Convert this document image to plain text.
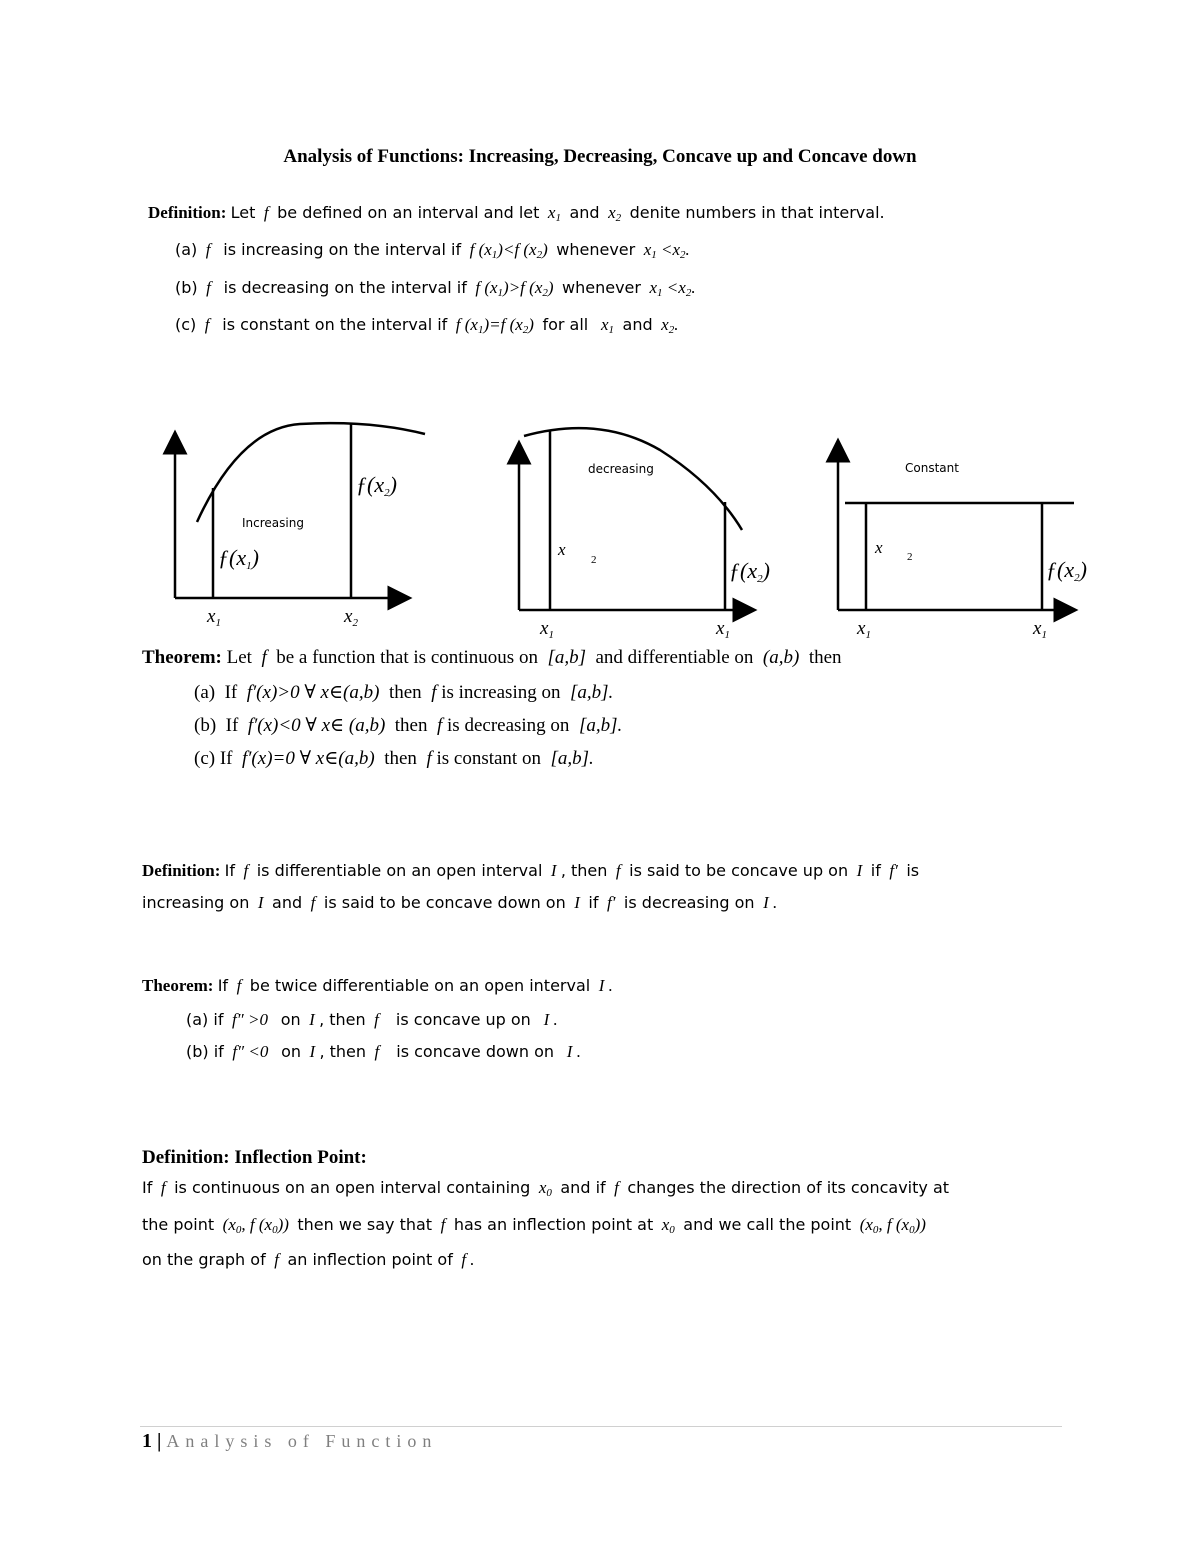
Analysis of Functions: Increasing, Decreasing, Concave up and Concave down
Definition: Let  f  be defined on an interval and let  $x_1$ and  $x_2$ denite numbers in that interval.
(a)  f   is increasing on the interval if  f $(x_1)<f$ $(x_2)$  whenever  $x_1 <x_2$.
(b)  f   is decreasing on the interval if  f $(x_1)>f$ $(x_2)$  whenever  $x_1 <x_2$.
(c)  f   is constant on the interval if  f $(x_1)=f$ $(x_2)$  for all   $x_1$ and  $x_2$.
Increasing
ƒ(x1)
ƒ(x2)
$x_1$	$x_2$
decreasing
x
2	ƒ(x2)
$x_1$	$x_1$
Constant
x 2	ƒ(x2)
$x_1$	$x_1$
Theorem: Let  f  be a function that is continuous on  [a,b]  and differentiable on  (a,b)  then
(a) If  f′(x)>0 ∀ x∈(a,b)  then  f is increasing on  [a,b].
(b) If  f′(x)<0 ∀ x∈ (a,b)  then  f is decreasing on  [a,b].
(c) If  f′(x)=0 ∀ x∈(a,b)  then  f is constant on  [a,b].
Definition: If  f  is differentiable on an open interval  I , then  f  is said to be concave up on  I  if  f′  is
increasing on  I  and  f  is said to be concave down on  I  if  f′  is decreasing on  I .
Theorem: If  f  be twice differentiable on an open interval  I .
(a) if  f″ >0   on  I , then  f    is concave up on   I .
(b) if  f″ <0   on  I , then  f    is concave down on   I .
Definition: Inflection Point:
If  f  is continuous on an open interval containing  $x_0$ and if  f  changes the direction of its concavity at
the point  ($x_0$, f $(x_0)$)  then we say that  f  has an inflection point at  $x_0$ and we call the point  ($x_0$, f $(x_0)$)
on the graph of  f  an inflection point of  f .
1 | Analysis of Function
